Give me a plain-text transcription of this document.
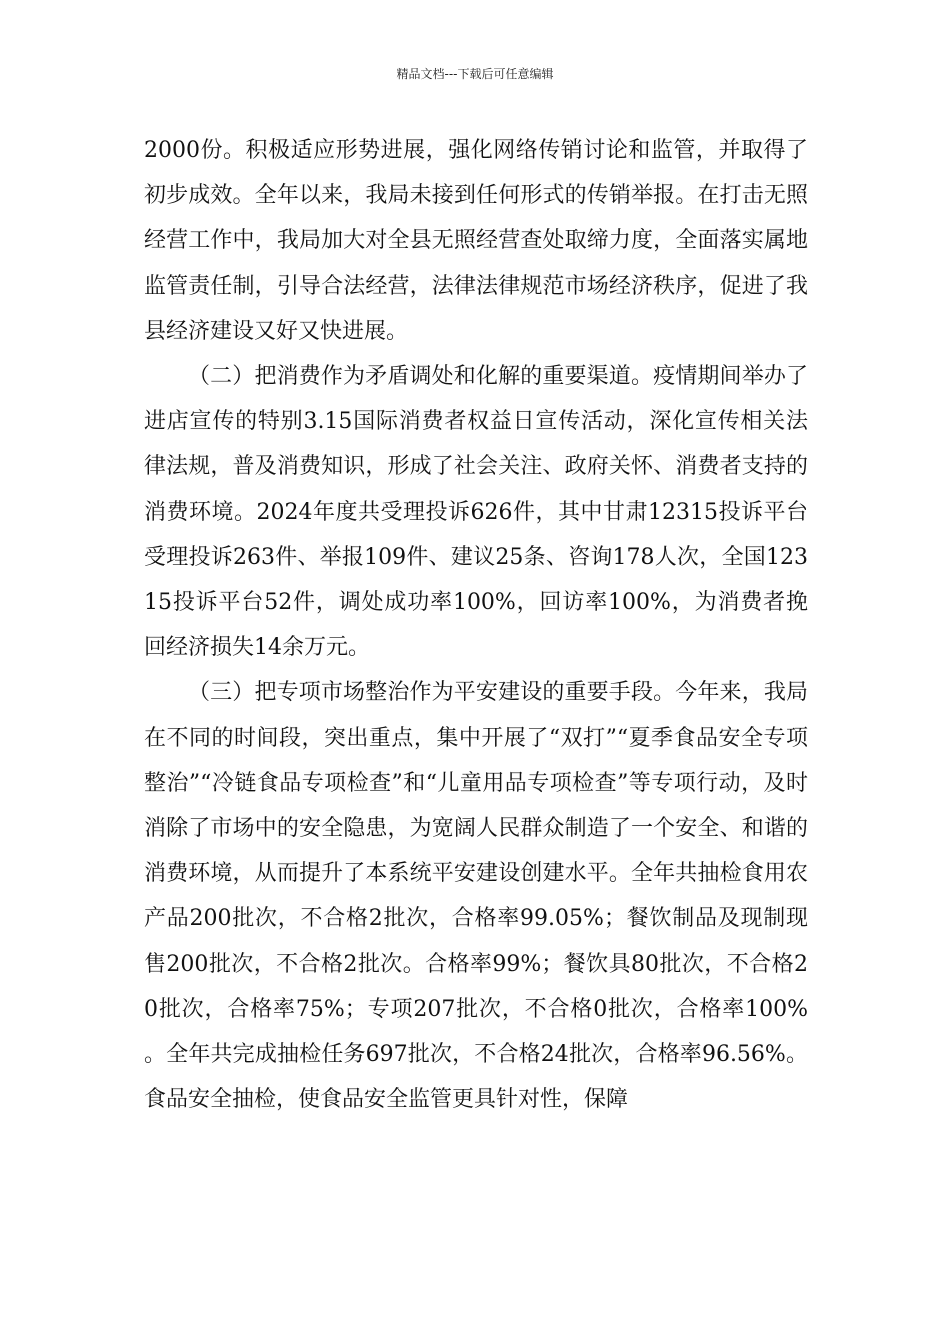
精品文档---下载后可任意编辑

2000份。积极适应形势进展，强化网络传销讨论和监管，并取得了初步成效。全年以来，我局未接到任何形式的传销举报。在打击无照经营工作中，我局加大对全县无照经营查处取缔力度，全面落实属地监管责任制，引导合法经营，法律法律规范市场经济秩序，促进了我县经济建设又好又快进展。

（二）把消费作为矛盾调处和化解的重要渠道。疫情期间举办了进店宣传的特别3.15国际消费者权益日宣传活动，深化宣传相关法律法规，普及消费知识，形成了社会关注、政府关怀、消费者支持的消费环境。2024年度共受理投诉626件，其中甘肃12315投诉平台受理投诉263件、举报109件、建议25条、咨询178人次，全国12315投诉平台52件，调处成功率100%，回访率100%，为消费者挽回经济损失14余万元。

（三）把专项市场整治作为平安建设的重要手段。今年来，我局在不同的时间段，突出重点，集中开展了“双打”“夏季食品安全专项整治”“冷链食品专项检查”和“儿童用品专项检查”等专项行动，及时消除了市场中的安全隐患，为宽阔人民群众制造了一个安全、和谐的消费环境，从而提升了本系统平安建设创建水平。全年共抽检食用农产品200批次，不合格2批次，合格率99.05%；餐饮制品及现制现售200批次，不合格2批次。合格率99%；餐饮具80批次，不合格20批次，合格率75%；专项207批次，不合格0批次，合格率100%。全年共完成抽检任务697批次，不合格24批次，合格率96.56%。食品安全抽检，使食品安全监管更具针对性，保障
